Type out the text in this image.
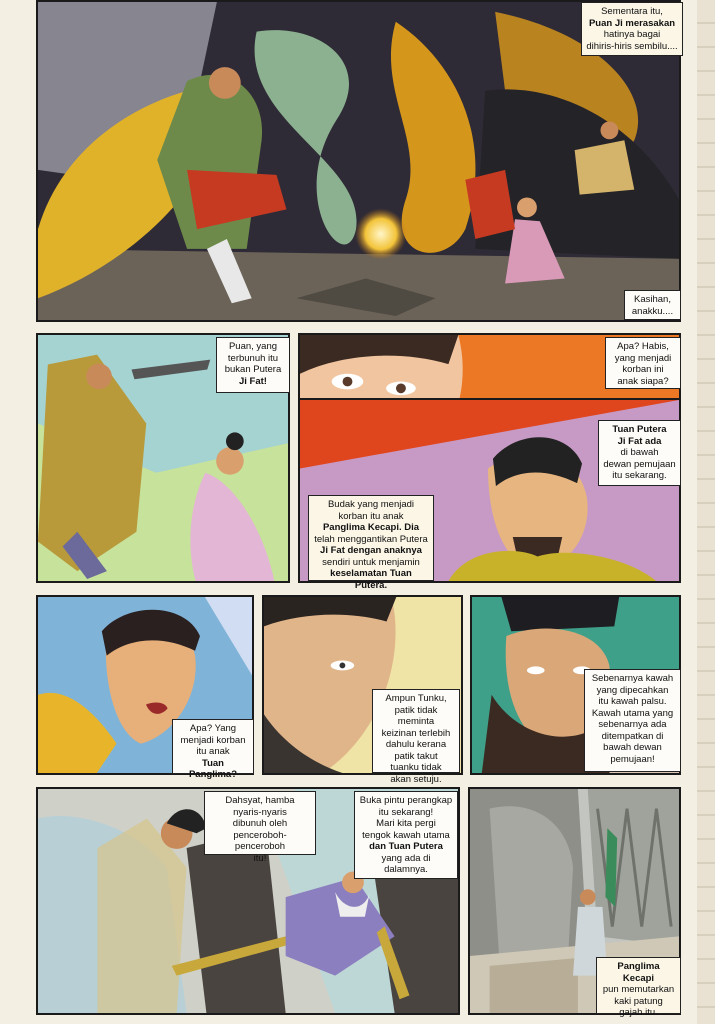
Sementara itu,
Puan Ji merasakan
hatinya bagai
dihiris-hiris sembilu....
Kasihan,
anakku....
Puan, yang
terbunuh itu
bukan Putera
Ji Fat!
Apa? Habis,
yang menjadi
korban ini
anak siapa?
Tuan Putera
Ji Fat ada
di bawah
dewan pemujaan
itu sekarang.
Budak yang menjadi
korban itu anak
Panglima Kecapi. Dia
telah menggantikan Putera
Ji Fat dengan anaknya
sendiri untuk menjamin
keselamatan Tuan Putera.
Apa? Yang
menjadi korban
itu anak
Tuan Panglima?
Ampun Tunku,
patik tidak meminta
keizinan terlebih
dahulu kerana
patik takut
tuanku tidak
akan setuju.
Sebenarnya kawah
yang dipecahkan
itu kawah palsu.
Kawah utama yang
sebenarnya ada
ditempatkan di
bawah dewan
pemujaan!
Dahsyat, hamba
nyaris-nyaris
dibunuh oleh
penceroboh-penceroboh
itu!
Buka pintu perangkap
itu sekarang!
Mari kita pergi
tengok kawah utama
dan Tuan Putera
yang ada di
dalamnya.
Panglima Kecapi
pun memutarkan
kaki patung
gajah itu.
